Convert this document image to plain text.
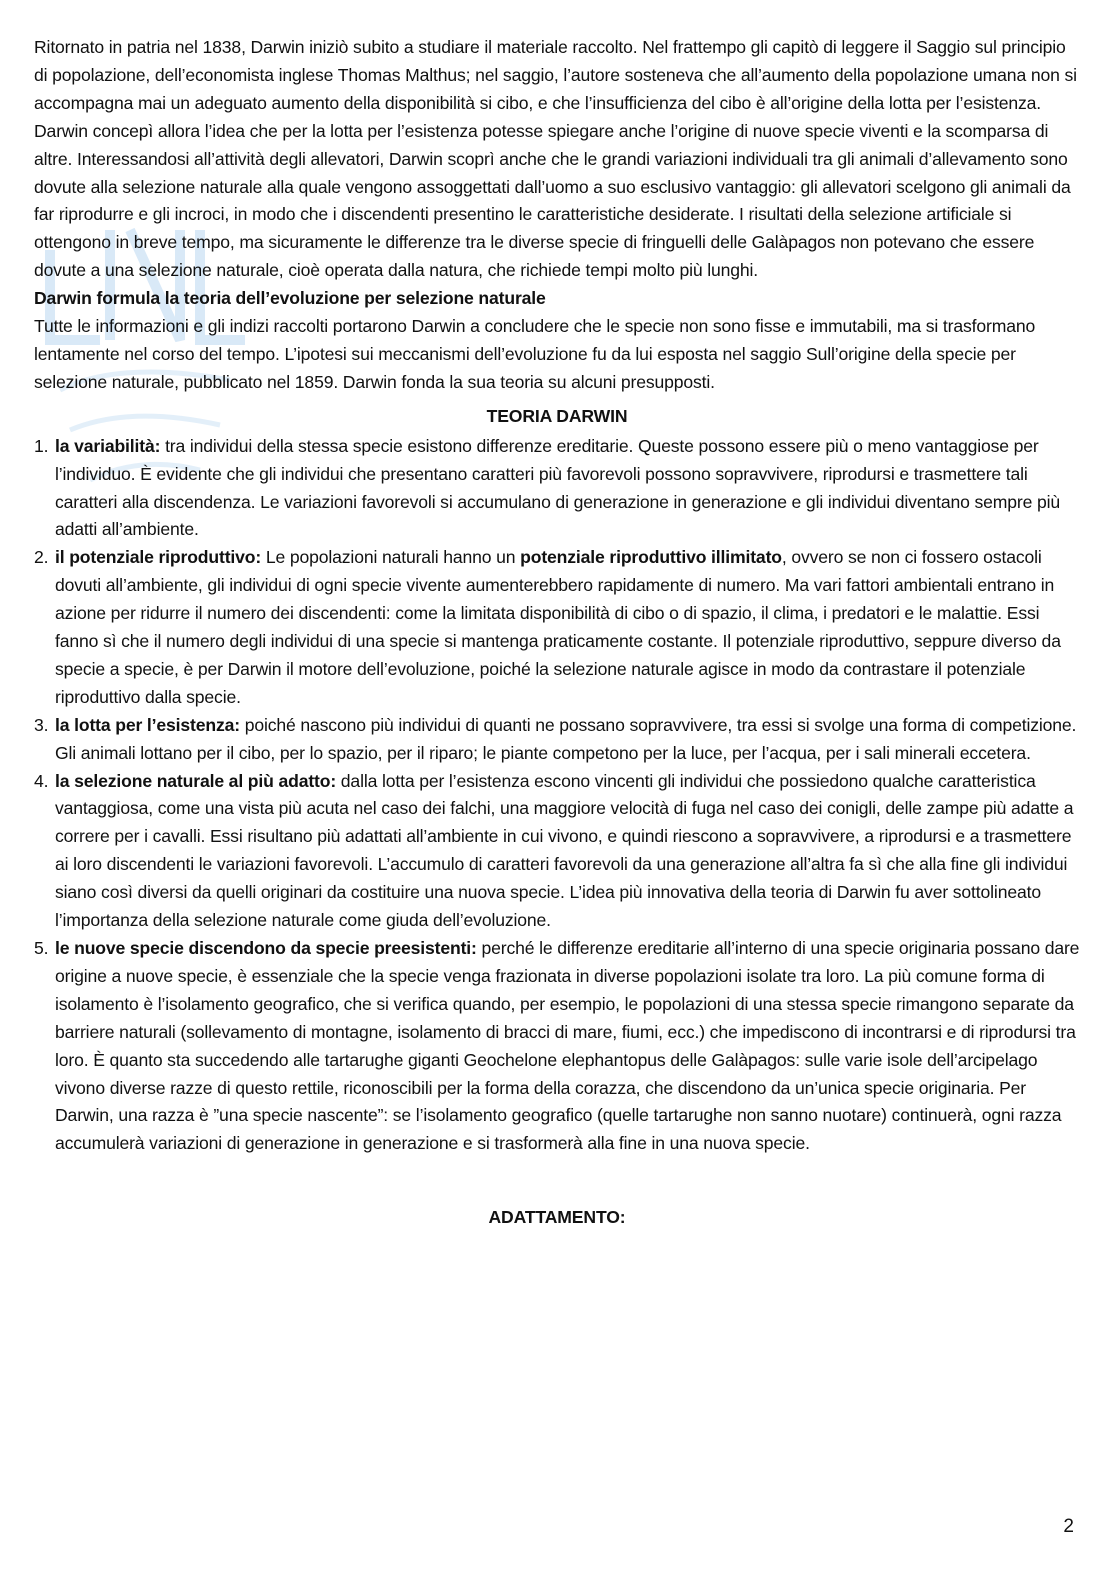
Ritornato in patria nel 1838, Darwin iniziò subito a studiare il materiale raccolto. Nel frattempo gli capitò di leggere il Saggio sul principio di popolazione, dell’economista inglese Thomas Malthus; nel saggio, l’autore sosteneva che all’aumento della popolazione umana non si accompagna mai un adeguato aumento della disponibilità si cibo, e che l’insufficienza del cibo è all’origine della lotta per l’esistenza. Darwin concepì allora l’idea che per la lotta per l’esistenza potesse spiegare anche l’origine di nuove specie viventi e la scomparsa di altre. Interessandosi all’attività degli allevatori, Darwin scoprì anche che le grandi variazioni individuali tra gli animali d’allevamento sono dovute alla selezione naturale alla quale vengono assoggettati dall’uomo a suo esclusivo vantaggio: gli allevatori scelgono gli animali da far riprodurre e gli incroci, in modo che i discendenti presentino le caratteristiche desiderate. I risultati della selezione artificiale si ottengono in breve tempo, ma sicuramente le differenze tra le diverse specie di fringuelli delle Galàpagos non potevano che essere dovute a una selezione naturale, cioè operata dalla natura, che richiede tempi molto più lunghi.

Darwin formula la teoria dell’evoluzione per selezione naturale

Tutte le informazioni e gli indizi raccolti portarono Darwin a concludere che le specie non sono fisse e immutabili, ma si trasformano lentamente nel corso del tempo. L’ipotesi sui meccanismi dell’evoluzione fu da lui esposta nel saggio Sull’origine della specie per selezione naturale, pubblicato nel 1859. Darwin fonda la sua teoria su alcuni presupposti.

TEORIA DARWIN
1. la variabilità: tra individui della stessa specie esistono differenze ereditarie. Queste possono essere più o meno vantaggiose per l’individuo. È evidente che gli individui che presentano caratteri più favorevoli possono sopravvivere, riprodursi e trasmettere tali caratteri alla discendenza. Le variazioni favorevoli si accumulano di generazione in generazione e gli individui diventano sempre più adatti all’ambiente.
2. il potenziale riproduttivo: Le popolazioni naturali hanno un potenziale riproduttivo illimitato, ovvero se non ci fossero ostacoli dovuti all’ambiente, gli individui di ogni specie vivente aumenterebbero rapidamente di numero. Ma vari fattori ambientali entrano in azione per ridurre il numero dei discendenti: come la limitata disponibilità di cibo o di spazio, il clima, i predatori e le malattie. Essi fanno sì che il numero degli individui di una specie si mantenga praticamente costante. Il potenziale riproduttivo, seppure diverso da specie a specie, è per Darwin il motore dell’evoluzione, poiché la selezione naturale agisce in modo da contrastare il potenziale riproduttivo dalla specie.
3. la lotta per l’esistenza: poiché nascono più individui di quanti ne possano sopravvivere, tra essi si svolge una forma di competizione. Gli animali lottano per il cibo, per lo spazio, per il riparo; le piante competono per la luce, per l’acqua, per i sali minerali eccetera.
4. la selezione naturale al più adatto: dalla lotta per l’esistenza escono vincenti gli individui che possiedono qualche caratteristica vantaggiosa, come una vista più acuta nel caso dei falchi, una maggiore velocità di fuga nel caso dei conigli, delle zampe più adatte a correre per i cavalli. Essi risultano più adattati all’ambiente in cui vivono, e quindi riescono a sopravvivere, a riprodursi e a trasmettere ai loro discendenti le variazioni favorevoli. L’accumulo di caratteri favorevoli da una generazione all’altra fa sì che alla fine gli individui siano così diversi da quelli originari da costituire una nuova specie. L’idea più innovativa della teoria di Darwin fu aver sottolineato l’importanza della selezione naturale come giuda dell’evoluzione.
5. le nuove specie discendono da specie preesistenti: perché le differenze ereditarie all’interno di una specie originaria possano dare origine a nuove specie, è essenziale che la specie venga frazionata in diverse popolazioni isolate tra loro. La più comune forma di isolamento è l’isolamento geografico, che si verifica quando, per esempio, le popolazioni di una stessa specie rimangono separate da barriere naturali (sollevamento di montagne, isolamento di bracci di mare, fiumi, ecc.) che impediscono di incontrarsi e di riprodursi tra loro. È quanto sta succedendo alle tartarughe giganti Geochelone elephantopus delle Galàpagos: sulle varie isole dell’arcipelago vivono diverse razze di questo rettile, riconoscibili per la forma della corazza, che discendono da un’unica specie originaria. Per Darwin, una razza è ”una specie nascente”: se l’isolamento geografico (quelle tartarughe non sanno nuotare) continuerà, ogni razza accumulerà variazioni di generazione in generazione e si trasformerà alla fine in una nuova specie.
ADATTAMENTO:
2
